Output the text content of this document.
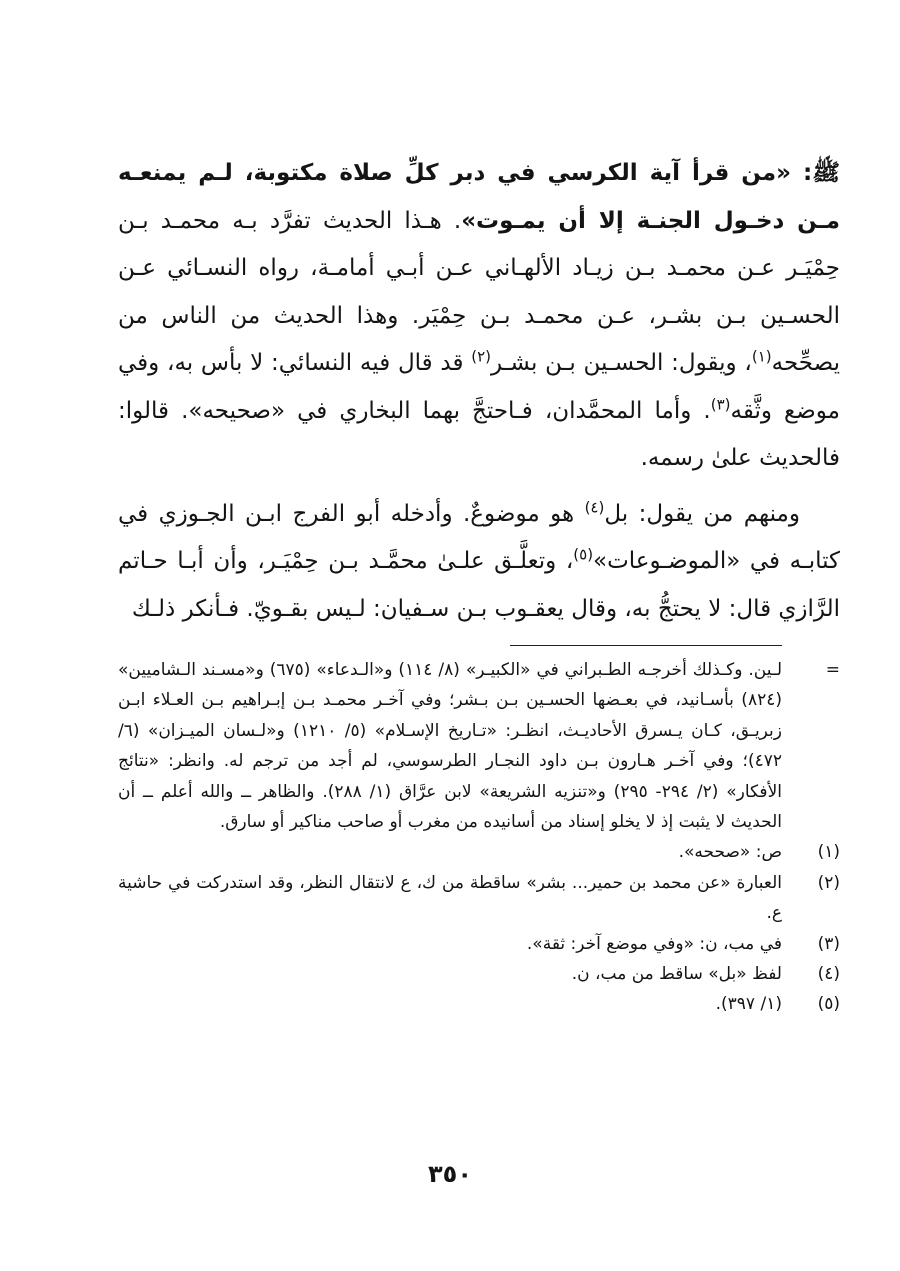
ﷺ: «من قرأ آية الكرسي في دبر كلِّ صلاة مكتوبة، لـم يمنعـه مـن دخـول الجنـة إلا أن يمـوت». هـذا الحديث تفرَّد بـه محمـد بـن حِمْيَـر عـن محمـد بـن زيـاد الألهـاني عـن أبـي أمامـة، رواه النسـائي عـن الحسـين بـن بشـر، عـن محمـد بـن حِمْيَر. وهذا الحديث من الناس من يصحِّحه$^{(١)}$، ويقول: الحسـين بـن بشـر$^{(٢)}$ قد قال فيه النسائي: لا بأس به، وفي موضع وثَّقه$^{(٣)}$. وأما المحمَّدان، فـاحتجَّ بهما البخاري في «صحيحه». قالوا: فالحديث علىٰ رسمه.

ومنهم من يقول: بل$^{(٤)}$ هو موضوعٌ. وأدخله أبو الفرج ابـن الجـوزي في كتابـه في «الموضـوعات»$^{(٥)}$، وتعلَّـق علـىٰ محمَّـد بـن حِمْيَـر، وأن أبـا حـاتم الرَّازي قال: لا يحتجُّ به، وقال يعقـوب بـن سـفيان: لـيس بقـويّ. فـأنكر ذلـك

=
لـين. وكـذلك أخرجـه الطـبراني في «الكبيـر» (٨/ ١١٤) و«الـدعاء» (٦٧٥) و«مسـند الـشاميين» (٨٢٤) بأسـانيد، في بعـضها الحسـين بـن بـشر؛ وفي آخـر محمـد بـن إبـراهيم بـن العـلاء ابـن زبريـق، كـان يـسرق الأحاديـث، انظـر: «تـاريخ الإسـلام» (٥/ ١٢١٠) و«لـسان الميـزان» (٦/ ٤٧٢)؛ وفي آخـر هـارون بـن داود النجـار الطرسوسي، لم أجد من ترجم له. وانظر: «نتائج الأفكار» (٢/ ٢٩٤- ٢٩٥) و«تنزيه الشريعة» لابن عرَّاق (١/ ٢٨٨). والظاهر ــ والله أعلم ــ أن الحديث لا يثبت إذ لا يخلو إسناد من أسانيده من مغرب أو صاحب مناكير أو سارق.
(١)
ص: «صححه».
(٢)
العبارة «عن محمد بن حمير... بشر» ساقطة من ك، ع لانتقال النظر، وقد استدركت في حاشية ع.
(٣)
في مب، ن: «وفي موضع آخر: ثقة».
(٤)
لفظ «بل» ساقط من مب، ن.
(٥)
(١/ ٣٩٧).
٣٥٠
